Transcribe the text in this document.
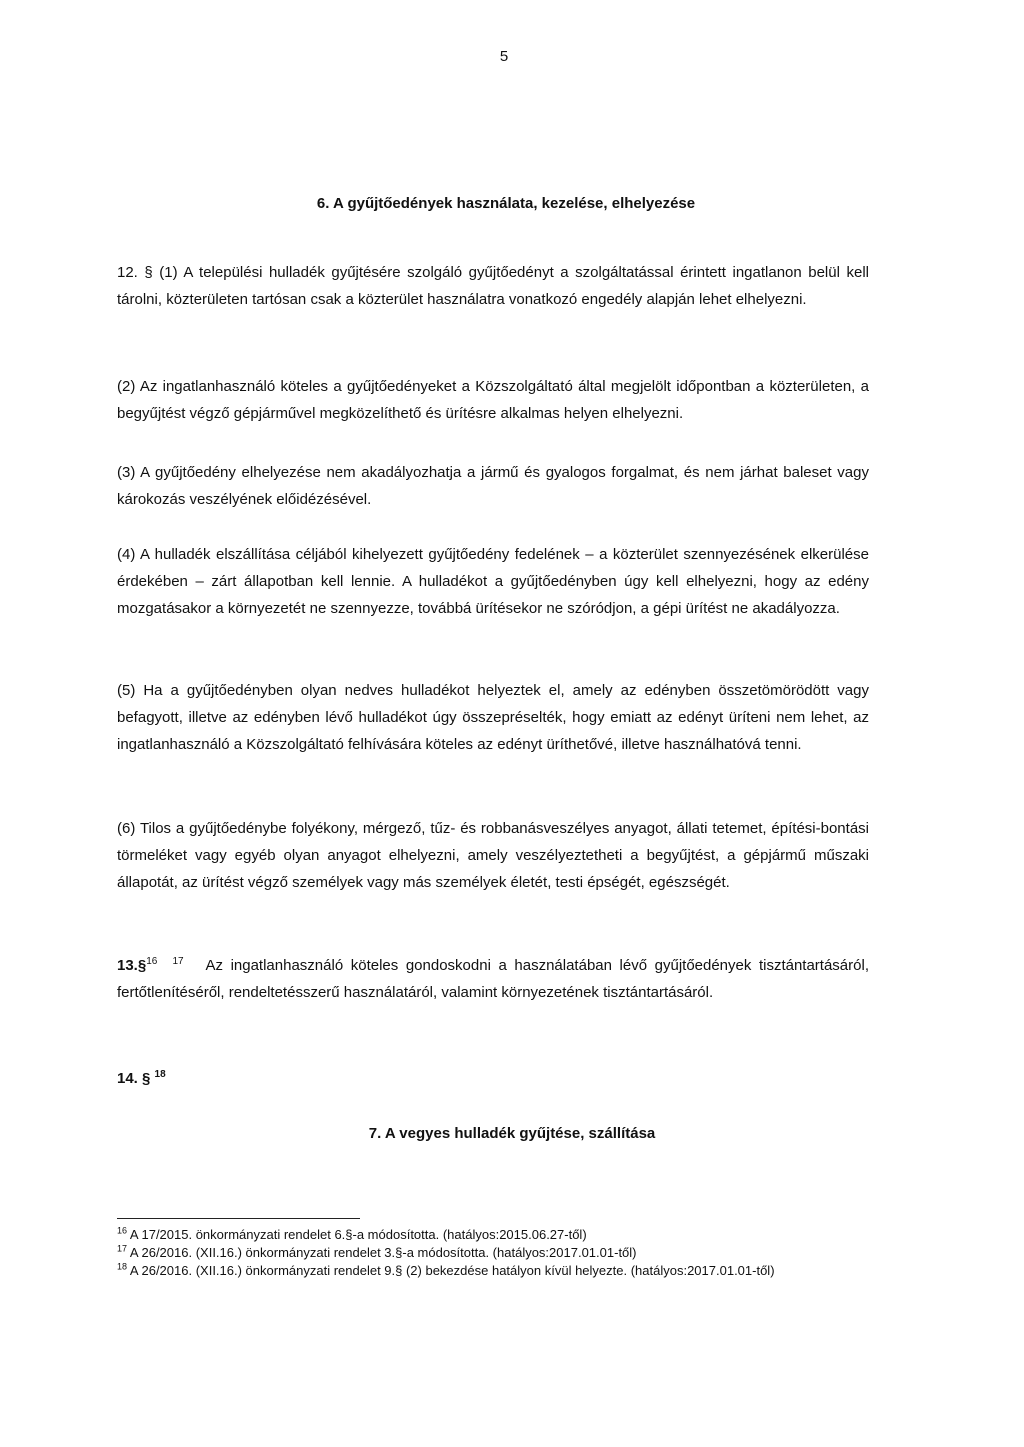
5
6. A gyűjtőedények használata, kezelése, elhelyezése
12. § (1) A települési hulladék gyűjtésére szolgáló gyűjtőedényt a szolgáltatással érintett ingatlanon belül kell tárolni, közterületen tartósan csak a közterület használatra vonatkozó engedély alapján lehet elhelyezni.
(2) Az ingatlanhasználó köteles a gyűjtőedényeket a Közszolgáltató által megjelölt időpontban a közterületen, a begyűjtést végző gépjárművel megközelíthető és ürítésre alkalmas helyen elhelyezni.
(3) A gyűjtőedény elhelyezése nem akadályozhatja a jármű és gyalogos forgalmat, és nem járhat baleset vagy károkozás veszélyének előidézésével.
(4) A hulladék elszállítása céljából kihelyezett gyűjtőedény fedelének – a közterület szennyezésének elkerülése érdekében – zárt állapotban kell lennie. A hulladékot a gyűjtőedényben úgy kell elhelyezni, hogy az edény mozgatásakor a környezetét ne szennyezze, továbbá ürítésekor ne szóródjon, a gépi ürítést ne akadályozza.
(5) Ha a gyűjtőedényben olyan nedves hulladékot helyeztek el, amely az edényben összetömörödött vagy befagyott, illetve az edényben lévő hulladékot úgy összepréselték, hogy emiatt az edényt üríteni nem lehet, az ingatlanhasználó a Közszolgáltató felhívására köteles az edényt üríthetővé, illetve használhatóvá tenni.
(6) Tilos a gyűjtőedénybe folyékony, mérgező, tűz- és robbanásveszélyes anyagot, állati tetemet, építési-bontási törmeléket vagy egyéb olyan anyagot elhelyezni, amely veszélyeztetheti a begyűjtést, a gépjármű műszaki állapotát, az ürítést végző személyek vagy más személyek életét, testi épségét, egészségét.
13.§$^{16}$ $^{17}$ Az ingatlanhasználó köteles gondoskodni a használatában lévő gyűjtőedények tisztántartásáról, fertőtlenítéséről, rendeltetésszerű használatáról, valamint környezetének tisztántartásáról.
14. § $^{18}$
7. A vegyes hulladék gyűjtése, szállítása

$^{16}$ A 17/2015. önkormányzati rendelet 6.§-a módosította. (hatályos:2015.06.27-től)

$^{17}$ A 26/2016. (XII.16.) önkormányzati rendelet 3.§-a módosította. (hatályos:2017.01.01-től)

$^{18}$ A 26/2016. (XII.16.) önkormányzati rendelet 9.§ (2) bekezdése hatályon kívül helyezte. (hatályos:2017.01.01-től)
